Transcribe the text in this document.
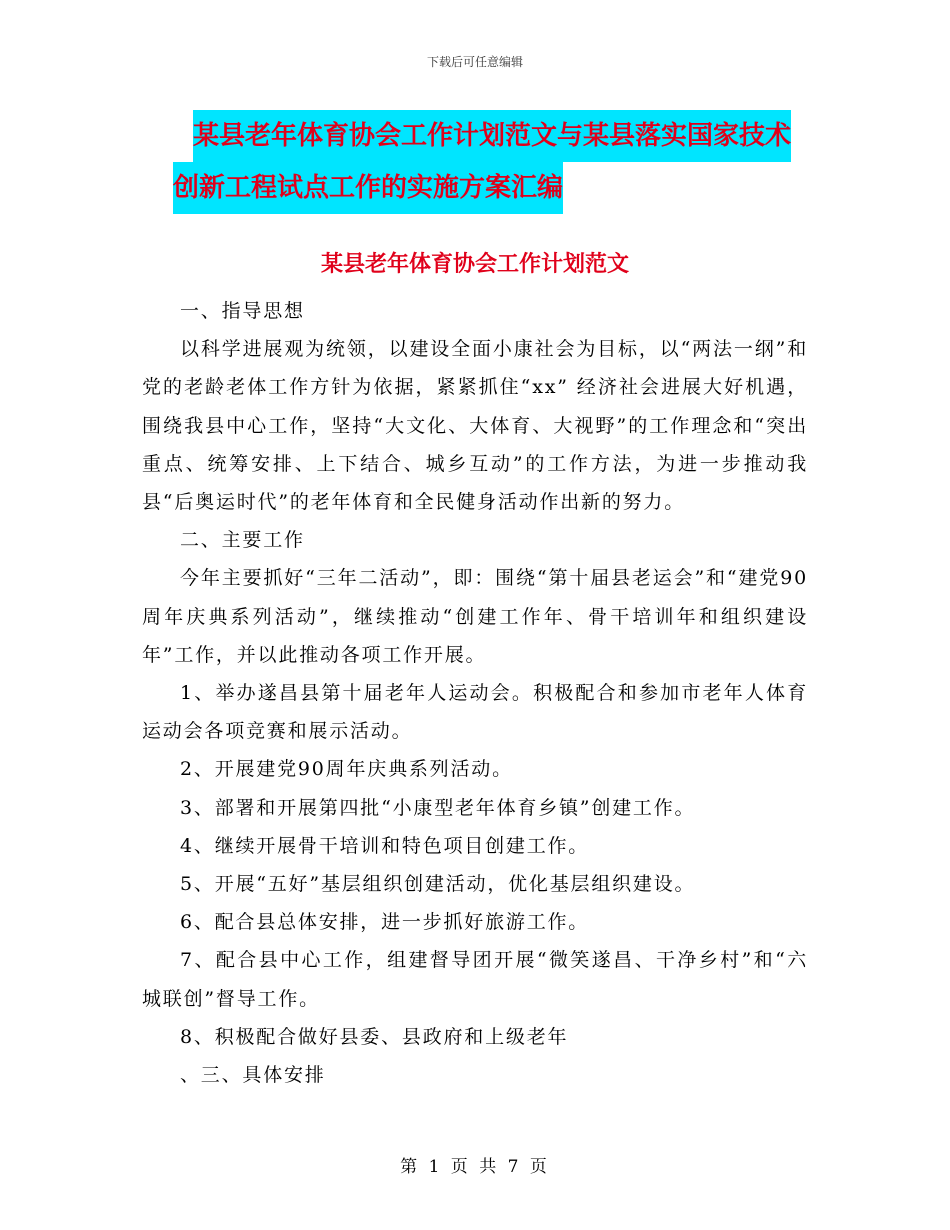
下载后可任意编辑
某县老年体育协会工作计划范文与某县落实国家技术
创新工程试点工作的实施方案汇编
某县老年体育协会工作计划范文

一、指导思想

以科学进展观为统领，以建设全面小康社会为目标，以“两法一纲”和党的老龄老体工作方针为依据，紧紧抓住“xx” 经济社会进展大好机遇，围绕我县中心工作，坚持“大文化、大体育、大视野”的工作理念和“突出重点、统筹安排、上下结合、城乡互动”的工作方法，为进一步推动我县“后奥运时代”的老年体育和全民健身活动作出新的努力。

二、主要工作

今年主要抓好“三年二活动”，即：围绕“第十届县老运会”和“建党90周年庆典系列活动”，继续推动“创建工作年、骨干培训年和组织建设年”工作，并以此推动各项工作开展。

1、举办遂昌县第十届老年人运动会。积极配合和参加市老年人体育运动会各项竞赛和展示活动。

2、开展建党90周年庆典系列活动。

3、部署和开展第四批“小康型老年体育乡镇”创建工作。

4、继续开展骨干培训和特色项目创建工作。

5、开展“五好”基层组织创建活动，优化基层组织建设。

6、配合县总体安排，进一步抓好旅游工作。

7、配合县中心工作，组建督导团开展“微笑遂昌、干净乡村”和“六城联创”督导工作。

8、积极配合做好县委、县政府和上级老年

、三、具体安排

第 1 页 共 7 页
